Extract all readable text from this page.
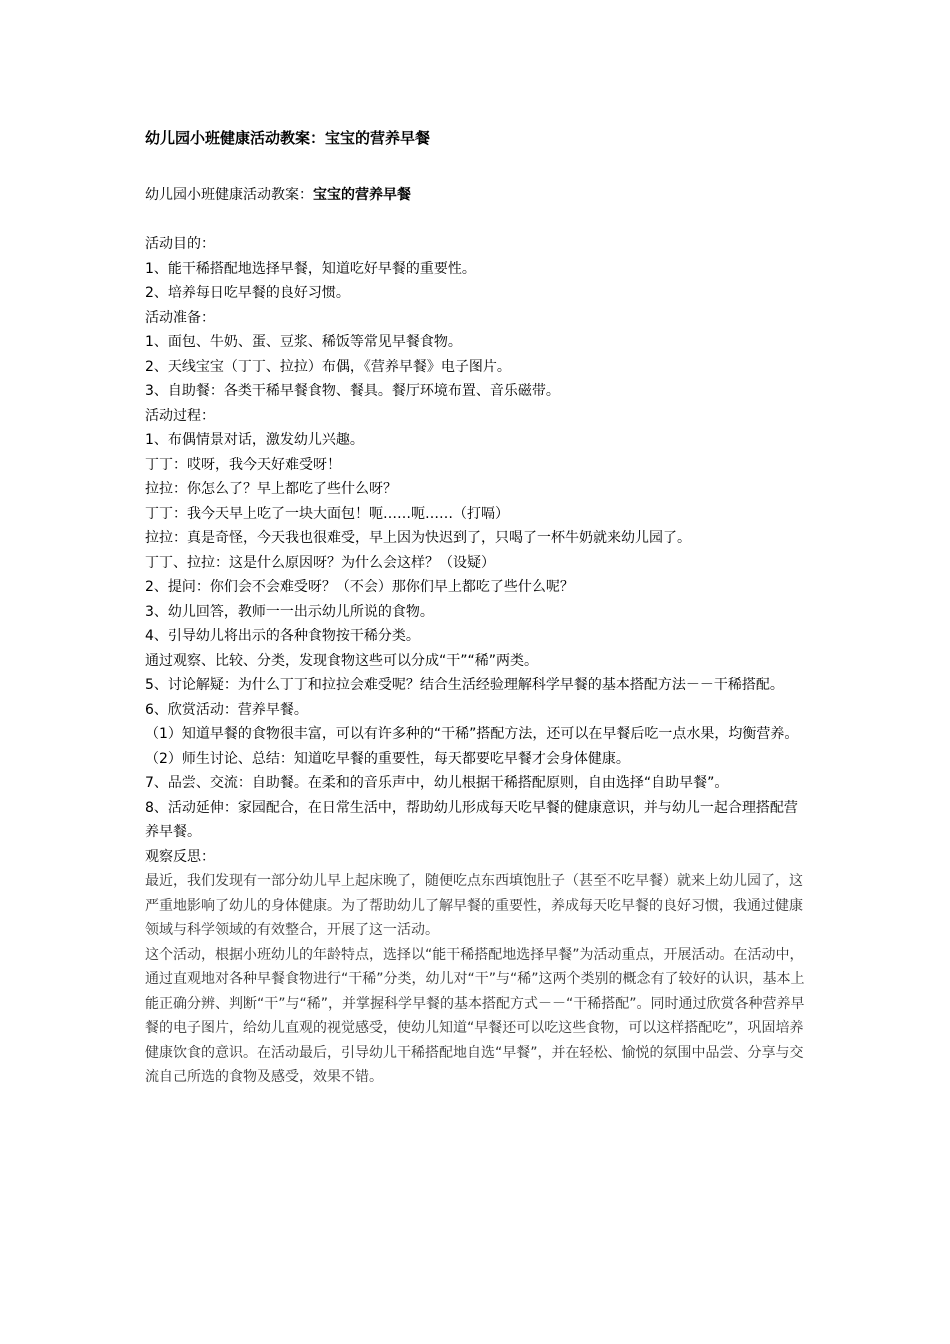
幼儿园小班健康活动教案：宝宝的营养早餐
幼儿园小班健康活动教案：宝宝的营养早餐

活动目的：

1、能干稀搭配地选择早餐，知道吃好早餐的重要性。

2、培养每日吃早餐的良好习惯。

活动准备：

1、面包、牛奶、蛋、豆浆、稀饭等常见早餐食物。

2、天线宝宝（丁丁、拉拉）布偶，《营养早餐》电子图片。

3、自助餐：各类干稀早餐食物、餐具。餐厅环境布置、音乐磁带。

活动过程：

1、布偶情景对话，激发幼儿兴趣。

丁丁：哎呀，我今天好难受呀！

拉拉：你怎么了？早上都吃了些什么呀？

丁丁：我今天早上吃了一块大面包！呃……呃……（打嗝）

拉拉：真是奇怪，今天我也很难受，早上因为快迟到了，只喝了一杯牛奶就来幼儿园了。

丁丁、拉拉：这是什么原因呀？为什么会这样？（设疑）

2、提问：你们会不会难受呀？（不会）那你们早上都吃了些什么呢？

3、幼儿回答，教师一一出示幼儿所说的食物。

4、引导幼儿将出示的各种食物按干稀分类。

通过观察、比较、分类，发现食物这些可以分成“干”“稀”两类。

5、讨论解疑：为什么丁丁和拉拉会难受呢？结合生活经验理解科学早餐的基本搭配方法－－干稀搭配。

6、欣赏活动：营养早餐。

（1）知道早餐的食物很丰富，可以有许多种的“干稀”搭配方法，还可以在早餐后吃一点水果，均衡营养。

（2）师生讨论、总结：知道吃早餐的重要性，每天都要吃早餐才会身体健康。

7、品尝、交流：自助餐。在柔和的音乐声中，幼儿根据干稀搭配原则，自由选择“自助早餐”。

8、活动延伸：家园配合，在日常生活中，帮助幼儿形成每天吃早餐的健康意识，并与幼儿一起合理搭配营养早餐。

观察反思：

最近，我们发现有一部分幼儿早上起床晚了，随便吃点东西填饱肚子（甚至不吃早餐）就来上幼儿园了，这严重地影响了幼儿的身体健康。为了帮助幼儿了解早餐的重要性，养成每天吃早餐的良好习惯，我通过健康领域与科学领域的有效整合，开展了这一活动。

这个活动，根据小班幼儿的年龄特点，选择以“能干稀搭配地选择早餐”为活动重点，开展活动。在活动中，通过直观地对各种早餐食物进行“干稀”分类，幼儿对“干”与“稀”这两个类别的概念有了较好的认识，基本上能正确分辨、判断“干”与“稀”，并掌握科学早餐的基本搭配方式－－“干稀搭配”。同时通过欣赏各种营养早餐的电子图片，给幼儿直观的视觉感受，使幼儿知道“早餐还可以吃这些食物，可以这样搭配吃”，巩固培养健康饮食的意识。在活动最后，引导幼儿干稀搭配地自选“早餐”，并在轻松、愉悦的氛围中品尝、分享与交流自己所选的食物及感受，效果不错。
